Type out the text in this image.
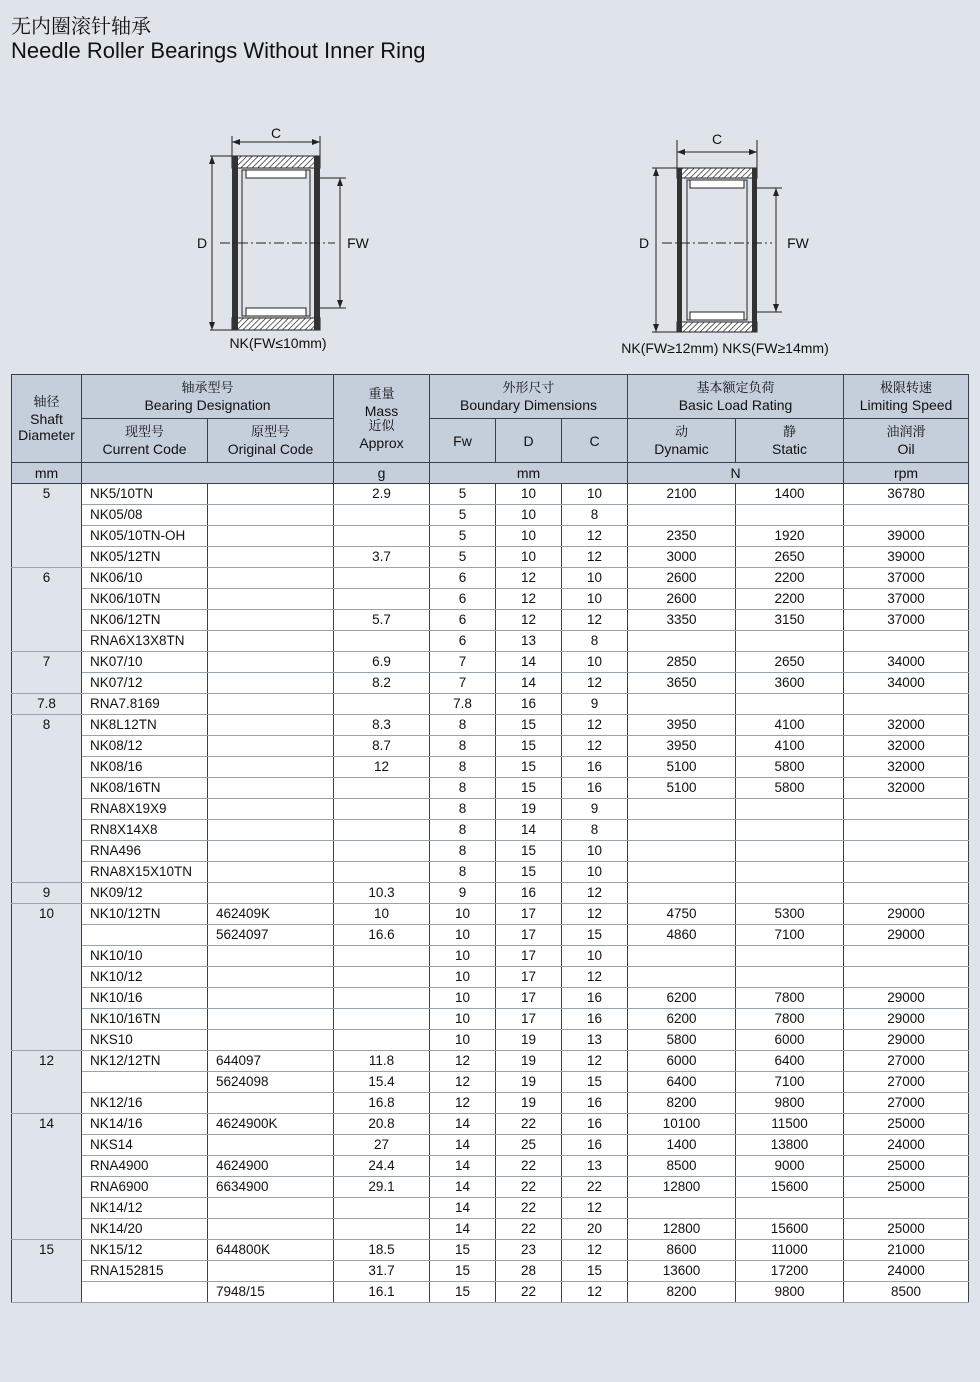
无内圈滚针轴承
Needle Roller Bearings Without Inner Ring
C
D	FW
NK(FW≤10mm)
C
D	FW
NK(FW≥12mm) NKS(FW≥14mm)
轴径
Shaft
Diameter	轴承型号
Bearing Designation		重量
Mass
近似
Approx	外形尺寸
Boundary Dimensions			基本额定负荷
Basic Load Rating		极限转速
Limiting Speed

	现型号
Current Code	原型号
Original Code		Fw	D	C	动
Dynamic	静
Static	油润滑
Oil

mm			g	mm			N		rpm
5	NK5/10TN		2.9	5	10	10	2100	1400	36780
	NK05/08			5	10	8			
	NK05/10TN-OH			5	10	12	2350	1920	39000
	NK05/12TN		3.7	5	10	12	3000	2650	39000
6	NK06/10			6	12	10	2600	2200	37000
	NK06/10TN			6	12	10	2600	2200	37000
	NK06/12TN		5.7	6	12	12	3350	3150	37000
	RNA6X13X8TN			6	13	8			
7	NK07/10		6.9	7	14	10	2850	2650	34000
	NK07/12		8.2	7	14	12	3650	3600	34000
7.8	RNA7.8169			7.8	16	9			
8	NK8L12TN		8.3	8	15	12	3950	4100	32000
	NK08/12		8.7	8	15	12	3950	4100	32000
	NK08/16		12	8	15	16	5100	5800	32000
	NK08/16TN			8	15	16	5100	5800	32000
	RNA8X19X9			8	19	9			
	RN8X14X8			8	14	8			
	RNA496			8	15	10			
	RNA8X15X10TN			8	15	10			
9	NK09/12		10.3	9	16	12			
10	NK10/12TN	462409K	10	10	17	12	4750	5300	29000
		5624097	16.6	10	17	15	4860	7100	29000
	NK10/10			10	17	10			
	NK10/12			10	17	12			
	NK10/16			10	17	16	6200	7800	29000
	NK10/16TN			10	17	16	6200	7800	29000
	NKS10			10	19	13	5800	6000	29000
12	NK12/12TN	644097	11.8	12	19	12	6000	6400	27000
		5624098	15.4	12	19	15	6400	7100	27000
	NK12/16		16.8	12	19	16	8200	9800	27000
14	NK14/16	4624900K	20.8	14	22	16	10100	11500	25000
	NKS14		27	14	25	16	1400	13800	24000
	RNA4900	4624900	24.4	14	22	13	8500	9000	25000
	RNA6900	6634900	29.1	14	22	22	12800	15600	25000
	NK14/12			14	22	12			
	NK14/20			14	22	20	12800	15600	25000
15	NK15/12	644800K	18.5	15	23	12	8600	11000	21000
	RNA152815		31.7	15	28	15	13600	17200	24000
		7948/15	16.1	15	22	12	8200	9800	8500
